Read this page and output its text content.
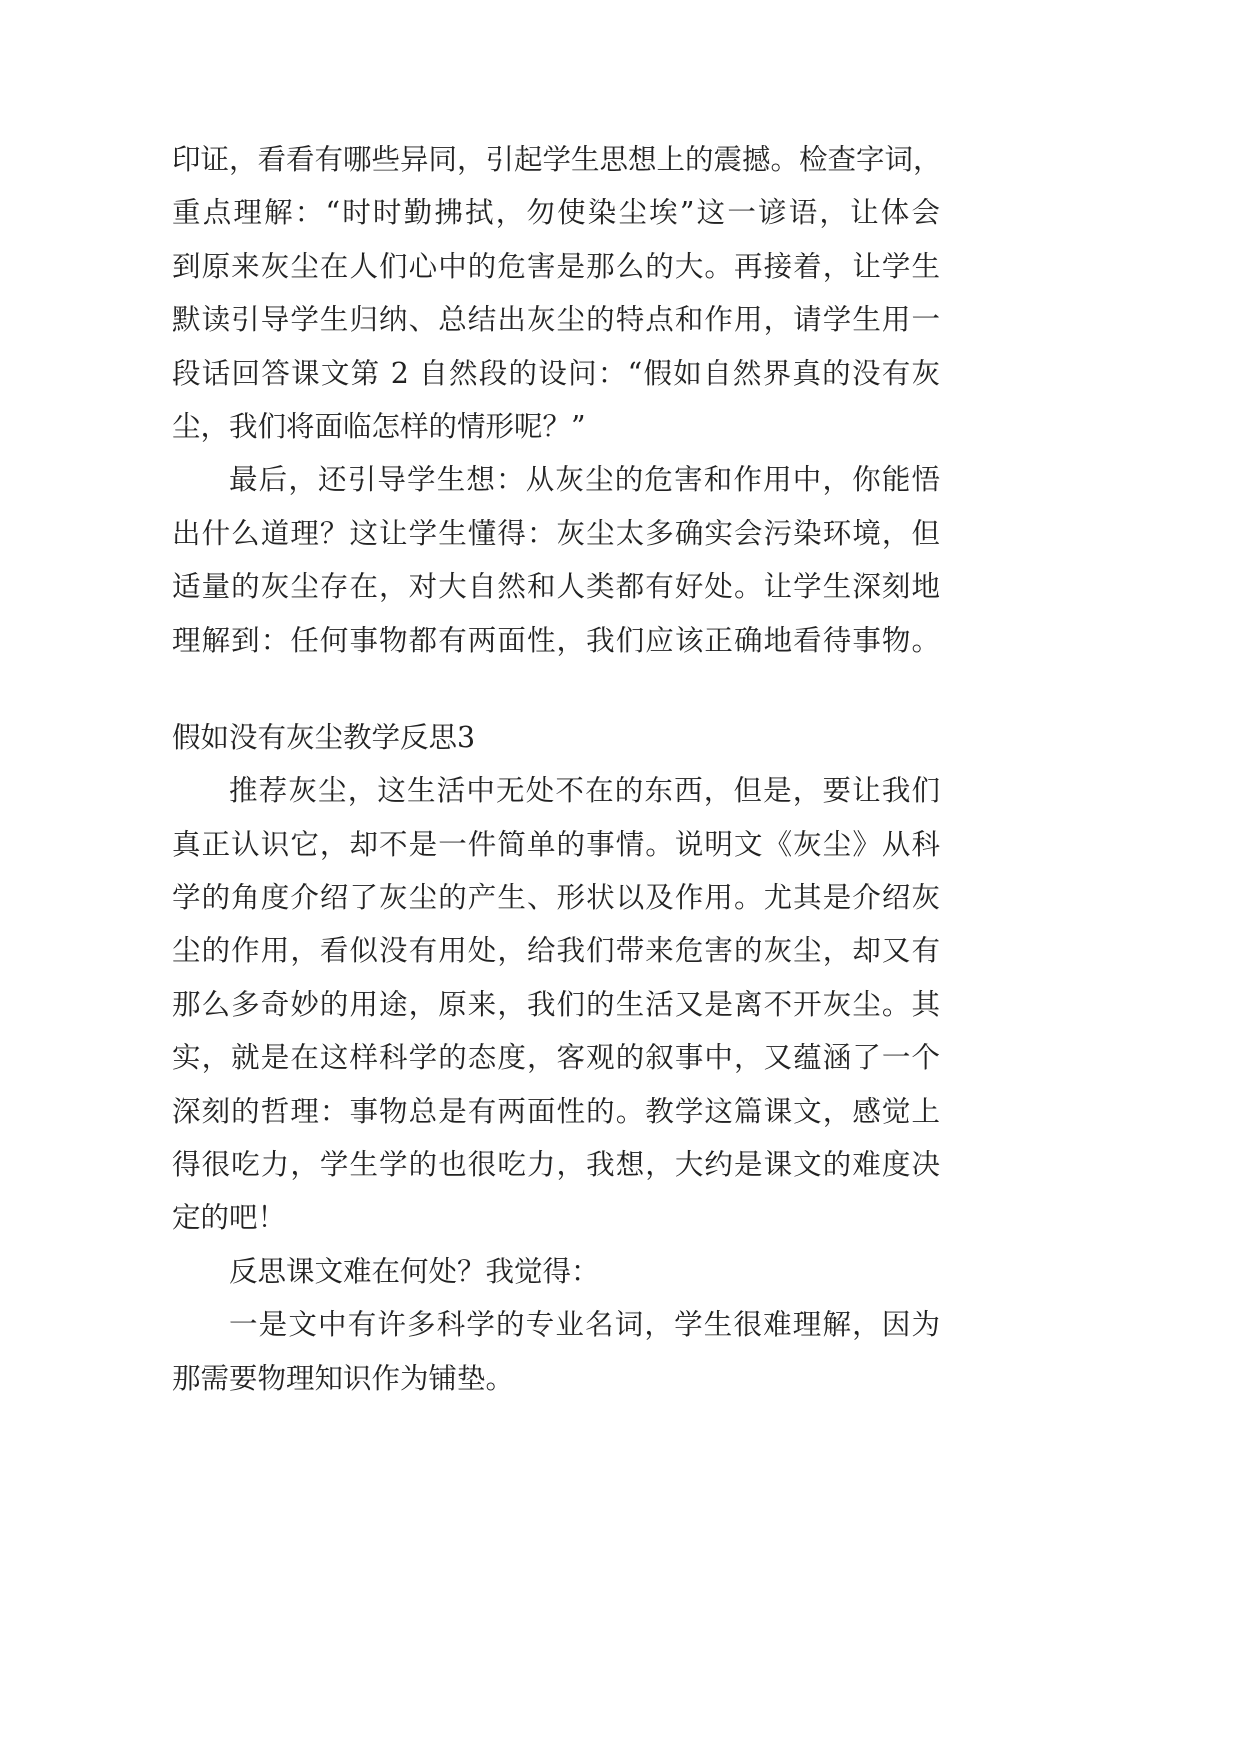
印证，看看有哪些异同，引起学生思想上的震撼。检查字词，
重点理解：“时时勤拂拭，勿使染尘埃”这一谚语，让体会
到原来灰尘在人们心中的危害是那么的大。再接着，让学生
默读引导学生归纳、总结出灰尘的特点和作用，请学生用一
段话回答课文第 2 自然段的设问：“假如自然界真的没有灰
尘，我们将面临怎样的情形呢？”
最后，还引导学生想：从灰尘的危害和作用中，你能悟
出什么道理？这让学生懂得：灰尘太多确实会污染环境，但
适量的灰尘存在，对大自然和人类都有好处。让学生深刻地
理解到：任何事物都有两面性，我们应该正确地看待事物。
假如没有灰尘教学反思3
推荐灰尘，这生活中无处不在的东西，但是，要让我们
真正认识它，却不是一件简单的事情。说明文《灰尘》从科
学的角度介绍了灰尘的产生、形状以及作用。尤其是介绍灰
尘的作用，看似没有用处，给我们带来危害的灰尘，却又有
那么多奇妙的用途，原来，我们的生活又是离不开灰尘。其
实，就是在这样科学的态度，客观的叙事中，又蕴涵了一个
深刻的哲理：事物总是有两面性的。教学这篇课文，感觉上
得很吃力，学生学的也很吃力，我想，大约是课文的难度决
定的吧！
反思课文难在何处？我觉得：
一是文中有许多科学的专业名词，学生很难理解，因为
那需要物理知识作为铺垫。
